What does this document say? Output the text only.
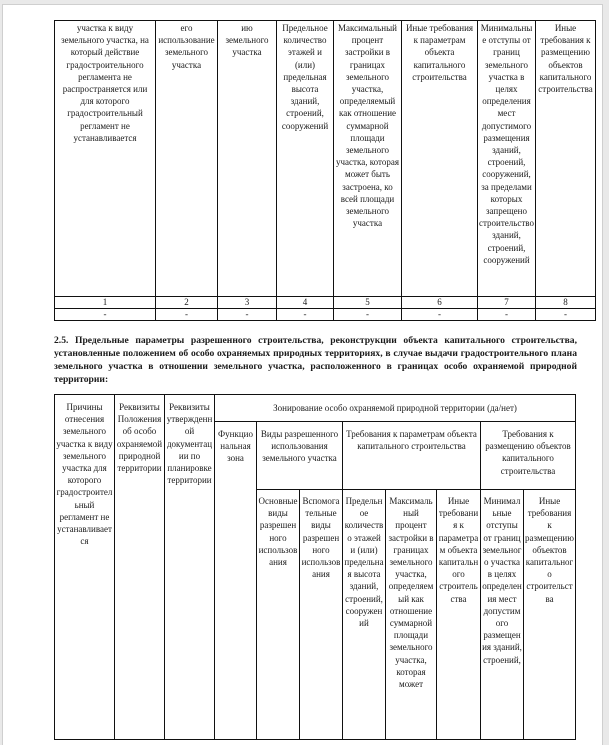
участка к виду земельного участка, на который действие градостроительного регламента не распространяется или для которого градостроительный регламент не устанавливается	его использование земельного участка	ию земельного участка	Предельное количество этажей и (или) предельная высота зданий, строений, сооружений	Максимальный процент застройки в границах земельного участка, определяемый как отношение суммарной площади земельного участка, которая может быть застроена, ко всей площади земельного участка	Иные требования к параметрам объекта капитального строительства	Минимальные отступы от границ земельного участка в целях определения мест допустимого размещения зданий, строений, сооружений, за пределами которых запрещено строительство зданий, строений, сооружений	Иные требования к размещению объектов капитального строительства
1	2	3	4	5	6	7	8
-	-	-	-	-	-	-	-
2.5. Предельные параметры разрешенного строительства, реконструкции объекта капитального строительства, установленные положением об особо охраняемых природных территориях, в случае выдачи градостроительного плана земельного участка в отношении земельного участка, расположенного в границах особо охраняемой природной территории:
Причины отнесения земельного участка к виду земельного участка для которого градостроительный регламент не устанавливается	Реквизиты Положения об особо охраняемой природной территории	Реквизиты утвержденной документации по планировке территории	Зонирование особо охраняемой природной территории (да/нет)							
			Функциональная зона	Виды разрешенного использования земельного участка		Требования к параметрам объекта капитального строительства			Требования к размещению объектов капитального строительства	
				Основные виды разрешенного использования	Вспомогательные виды разрешенного использования	Предельное количество этажей и (или) предельная высота зданий, строений, сооружений	Максимальный процент застройки в границах земельного участка, определяемый как отношение суммарной площади земельного участка, которая может	Иные требования к параметрам объекта капитального строительства	Минимальные отступы от границ земельного участка в целях определения мест допустимого размещения зданий, строений,	Иные требования к размещению объектов капитального строительства
